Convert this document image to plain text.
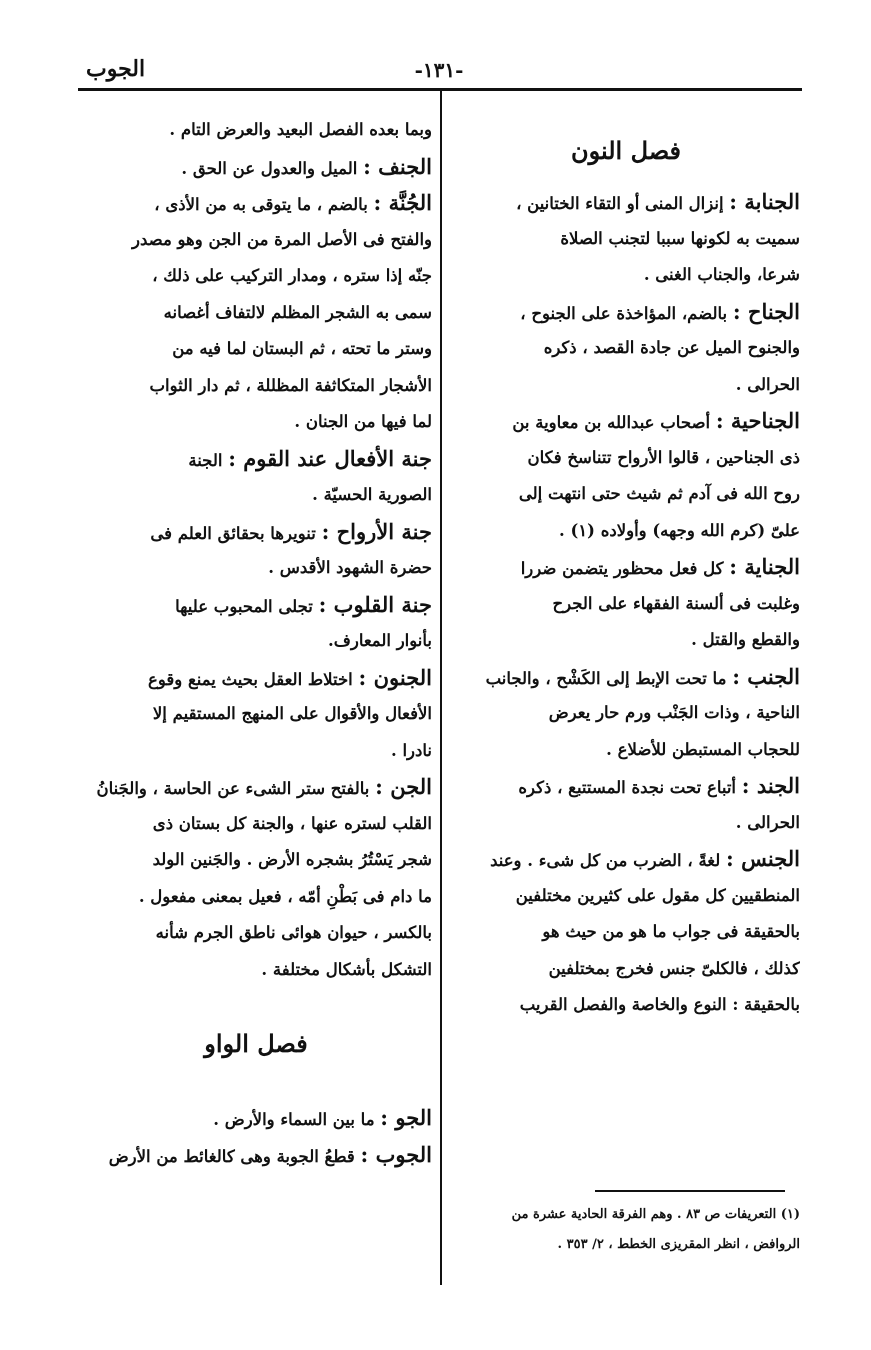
-١٣١-
الجوب
فصل النون
الجنابة : إنزال المنى أو التقاء الختانين ،
سميت به لكونها سببا لتجنب الصلاة
شرعا، والجناب الغنى .
الجناح : بالضم، المؤاخذة على الجنوح ،
والجنوح الميل عن جادة القصد ، ذكره
الحرالى .
الجناحية : أصحاب عبدالله بن معاوية بن
ذى الجناحين ، قالوا الأرواح تتناسخ فكان
روح الله فى آدم ثم شيث حتى انتهت إلى
علىّ (كرم الله وجهه) وأولاده (١) .
الجناية : كل فعل محظور يتضمن ضررا
وغلبت فى ألسنة الفقهاء على الجرح
والقطع والقتل .
الجنب : ما تحت الإبط إلى الكَشْح ، والجانب
الناحية ، وذات الجَنْب ورم حار يعرض
للحجاب المستبطن للأضلاع .
الجند : أتباع تحت نجدة المستتبع ، ذكره
الحرالى .
الجنس : لغةً ، الضرب من كل شىء . وعند
المنطقيين كل مقول على كثيرين مختلفين
بالحقيقة فى جواب ما هو من حيث هو
كذلك ، فالكلىّ جنس فخرج بمختلفين
بالحقيقة : النوع والخاصة والفصل القريب
وبما بعده الفصل البعيد والعرض التام .
الجنف : الميل والعدول عن الحق .
الجُنَّة : بالضم ، ما يتوقى به من الأذى ،
والفتح فى الأصل المرة من الجن وهو مصدر
جنّه إذا ستره ، ومدار التركيب على ذلك ،
سمى به الشجر المظلم لالتفاف أغصانه
وستر ما تحته ، ثم البستان لما فيه من
الأشجار المتكاثفة المظللة ، ثم دار الثواب
لما فيها من الجنان .
جنة الأفعال عند القوم : الجنة
الصورية الحسيّة .
جنة الأرواح : تنويرها بحقائق العلم فى
حضرة الشهود الأقدس .
جنة القلوب : تجلى المحبوب عليها
بأنوار المعارف.
الجنون : اختلاط العقل بحيث يمنع وقوع
الأفعال والأقوال على المنهج المستقيم إلا
نادرا .
الجن : بالفتح ستر الشىء عن الحاسة ، والجَنانُ
القلب لستره عنها ، والجنة كل بستان ذى
شجر يَسْتُرُ بشجره الأرض . والجَنين الولد
ما دام فى بَطْنِ أمّه ، فعيل بمعنى مفعول .
بالكسر ، حيوان هوائى ناطق الجرم شأنه
التشكل بأشكال مختلفة .
فصل الواو
الجو : ما بين السماء والأرض .
الجوب : قطعُ الجوبة وهى كالغائط من الأرض
(١) التعريفات ص ٨٣ . وهم الفرقة الحادية عشرة من
الروافض ، انظر المقريزى الخطط ، ٢/ ٣٥٣ .
